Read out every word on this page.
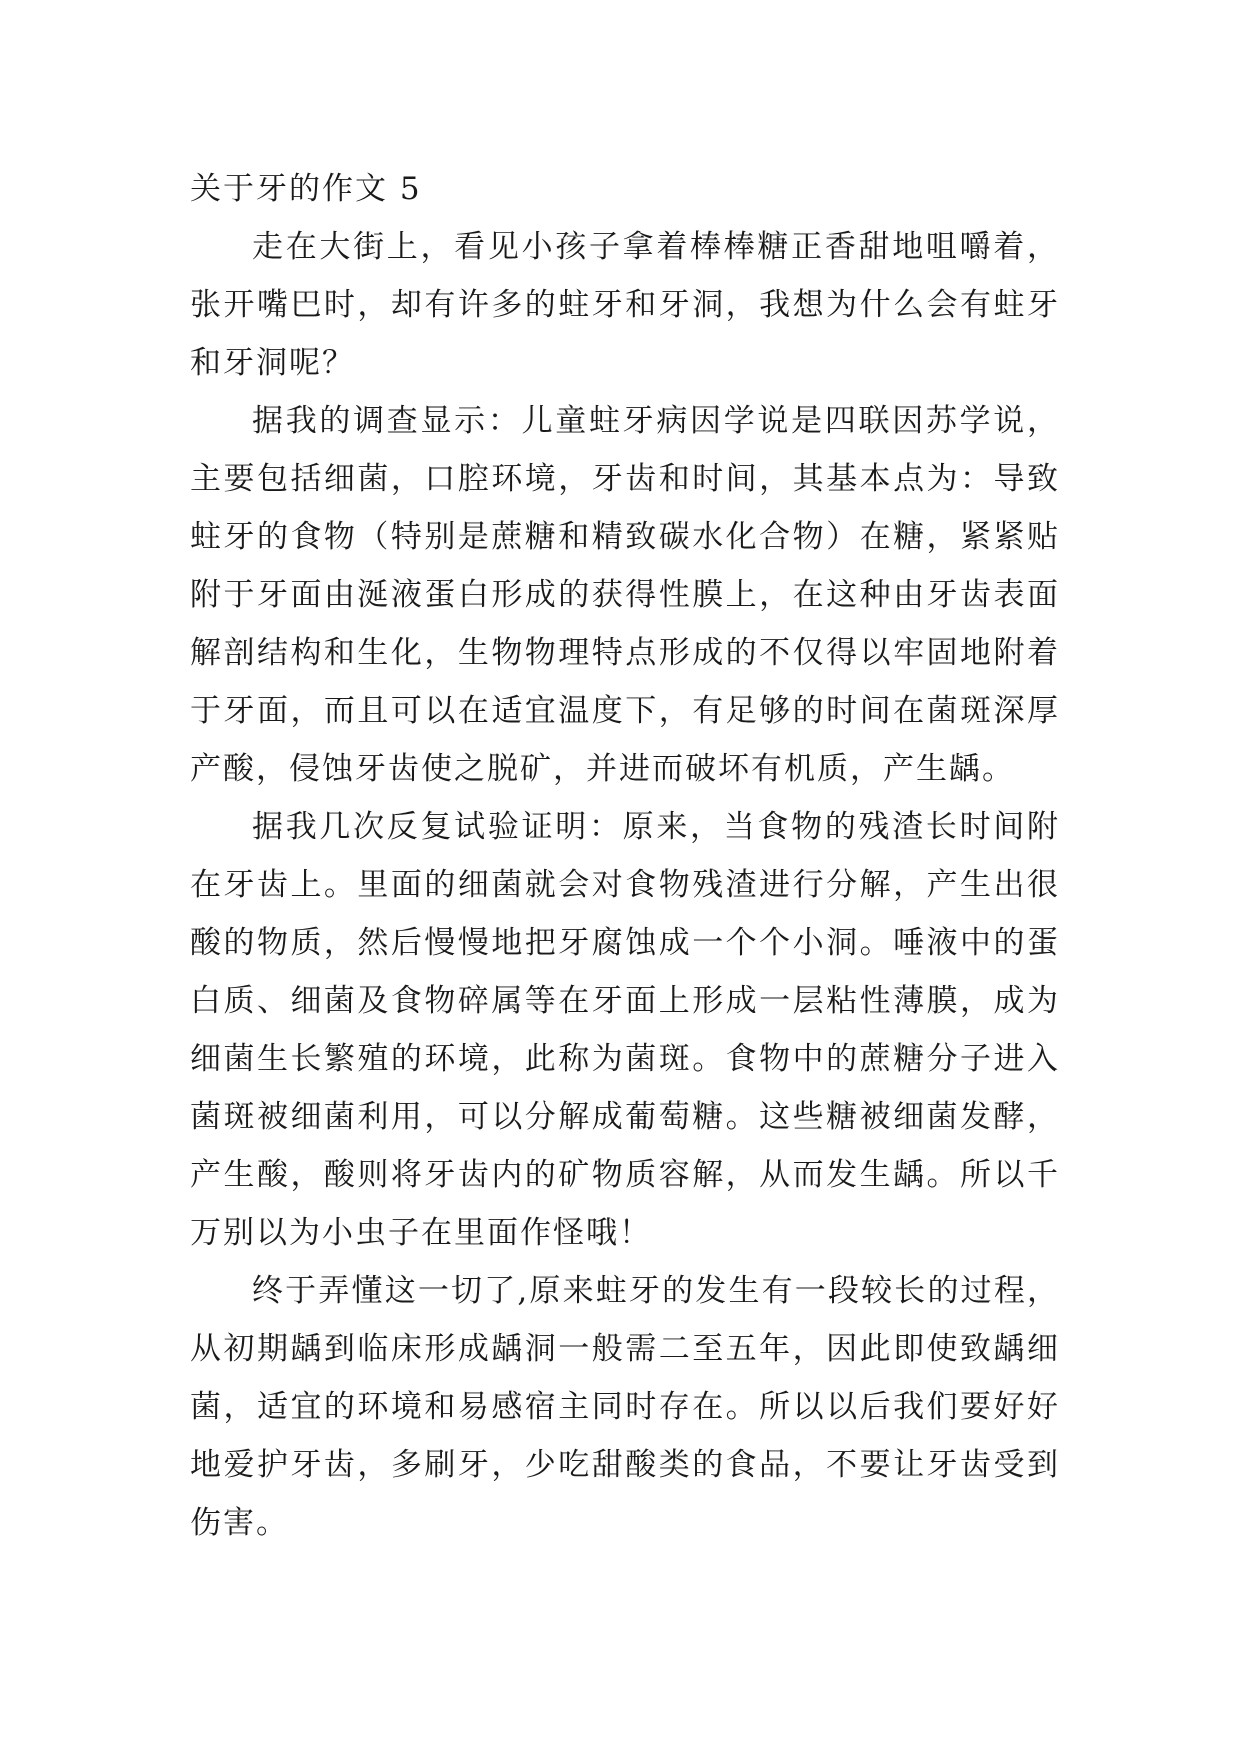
关于牙的作文 5

走在大街上，看见小孩子拿着棒棒糖正香甜地咀嚼着，张开嘴巴时，却有许多的蛀牙和牙洞，我想为什么会有蛀牙和牙洞呢？

据我的调查显示：儿童蛀牙病因学说是四联因苏学说，主要包括细菌，口腔环境，牙齿和时间，其基本点为：导致蛀牙的食物（特别是蔗糖和精致碳水化合物）在糖，紧紧贴附于牙面由涎液蛋白形成的获得性膜上，在这种由牙齿表面解剖结构和生化，生物物理特点形成的不仅得以牢固地附着于牙面，而且可以在适宜温度下，有足够的时间在菌斑深厚产酸，侵蚀牙齿使之脱矿，并进而破坏有机质，产生龋。

据我几次反复试验证明：原来，当食物的残渣长时间附在牙齿上。里面的细菌就会对食物残渣进行分解，产生出很酸的物质，然后慢慢地把牙腐蚀成一个个小洞。唾液中的蛋白质、细菌及食物碎属等在牙面上形成一层粘性薄膜，成为细菌生长繁殖的环境，此称为菌斑。食物中的蔗糖分子进入菌斑被细菌利用，可以分解成葡萄糖。这些糖被细菌发酵，产生酸，酸则将牙齿内的矿物质容解，从而发生龋。所以千万别以为小虫子在里面作怪哦！

终于弄懂这一切了,原来蛀牙的发生有一段较长的过程，从初期龋到临床形成龋洞一般需二至五年，因此即使致龋细菌，适宜的环境和易感宿主同时存在。所以以后我们要好好地爱护牙齿，多刷牙，少吃甜酸类的食品，不要让牙齿受到伤害。
